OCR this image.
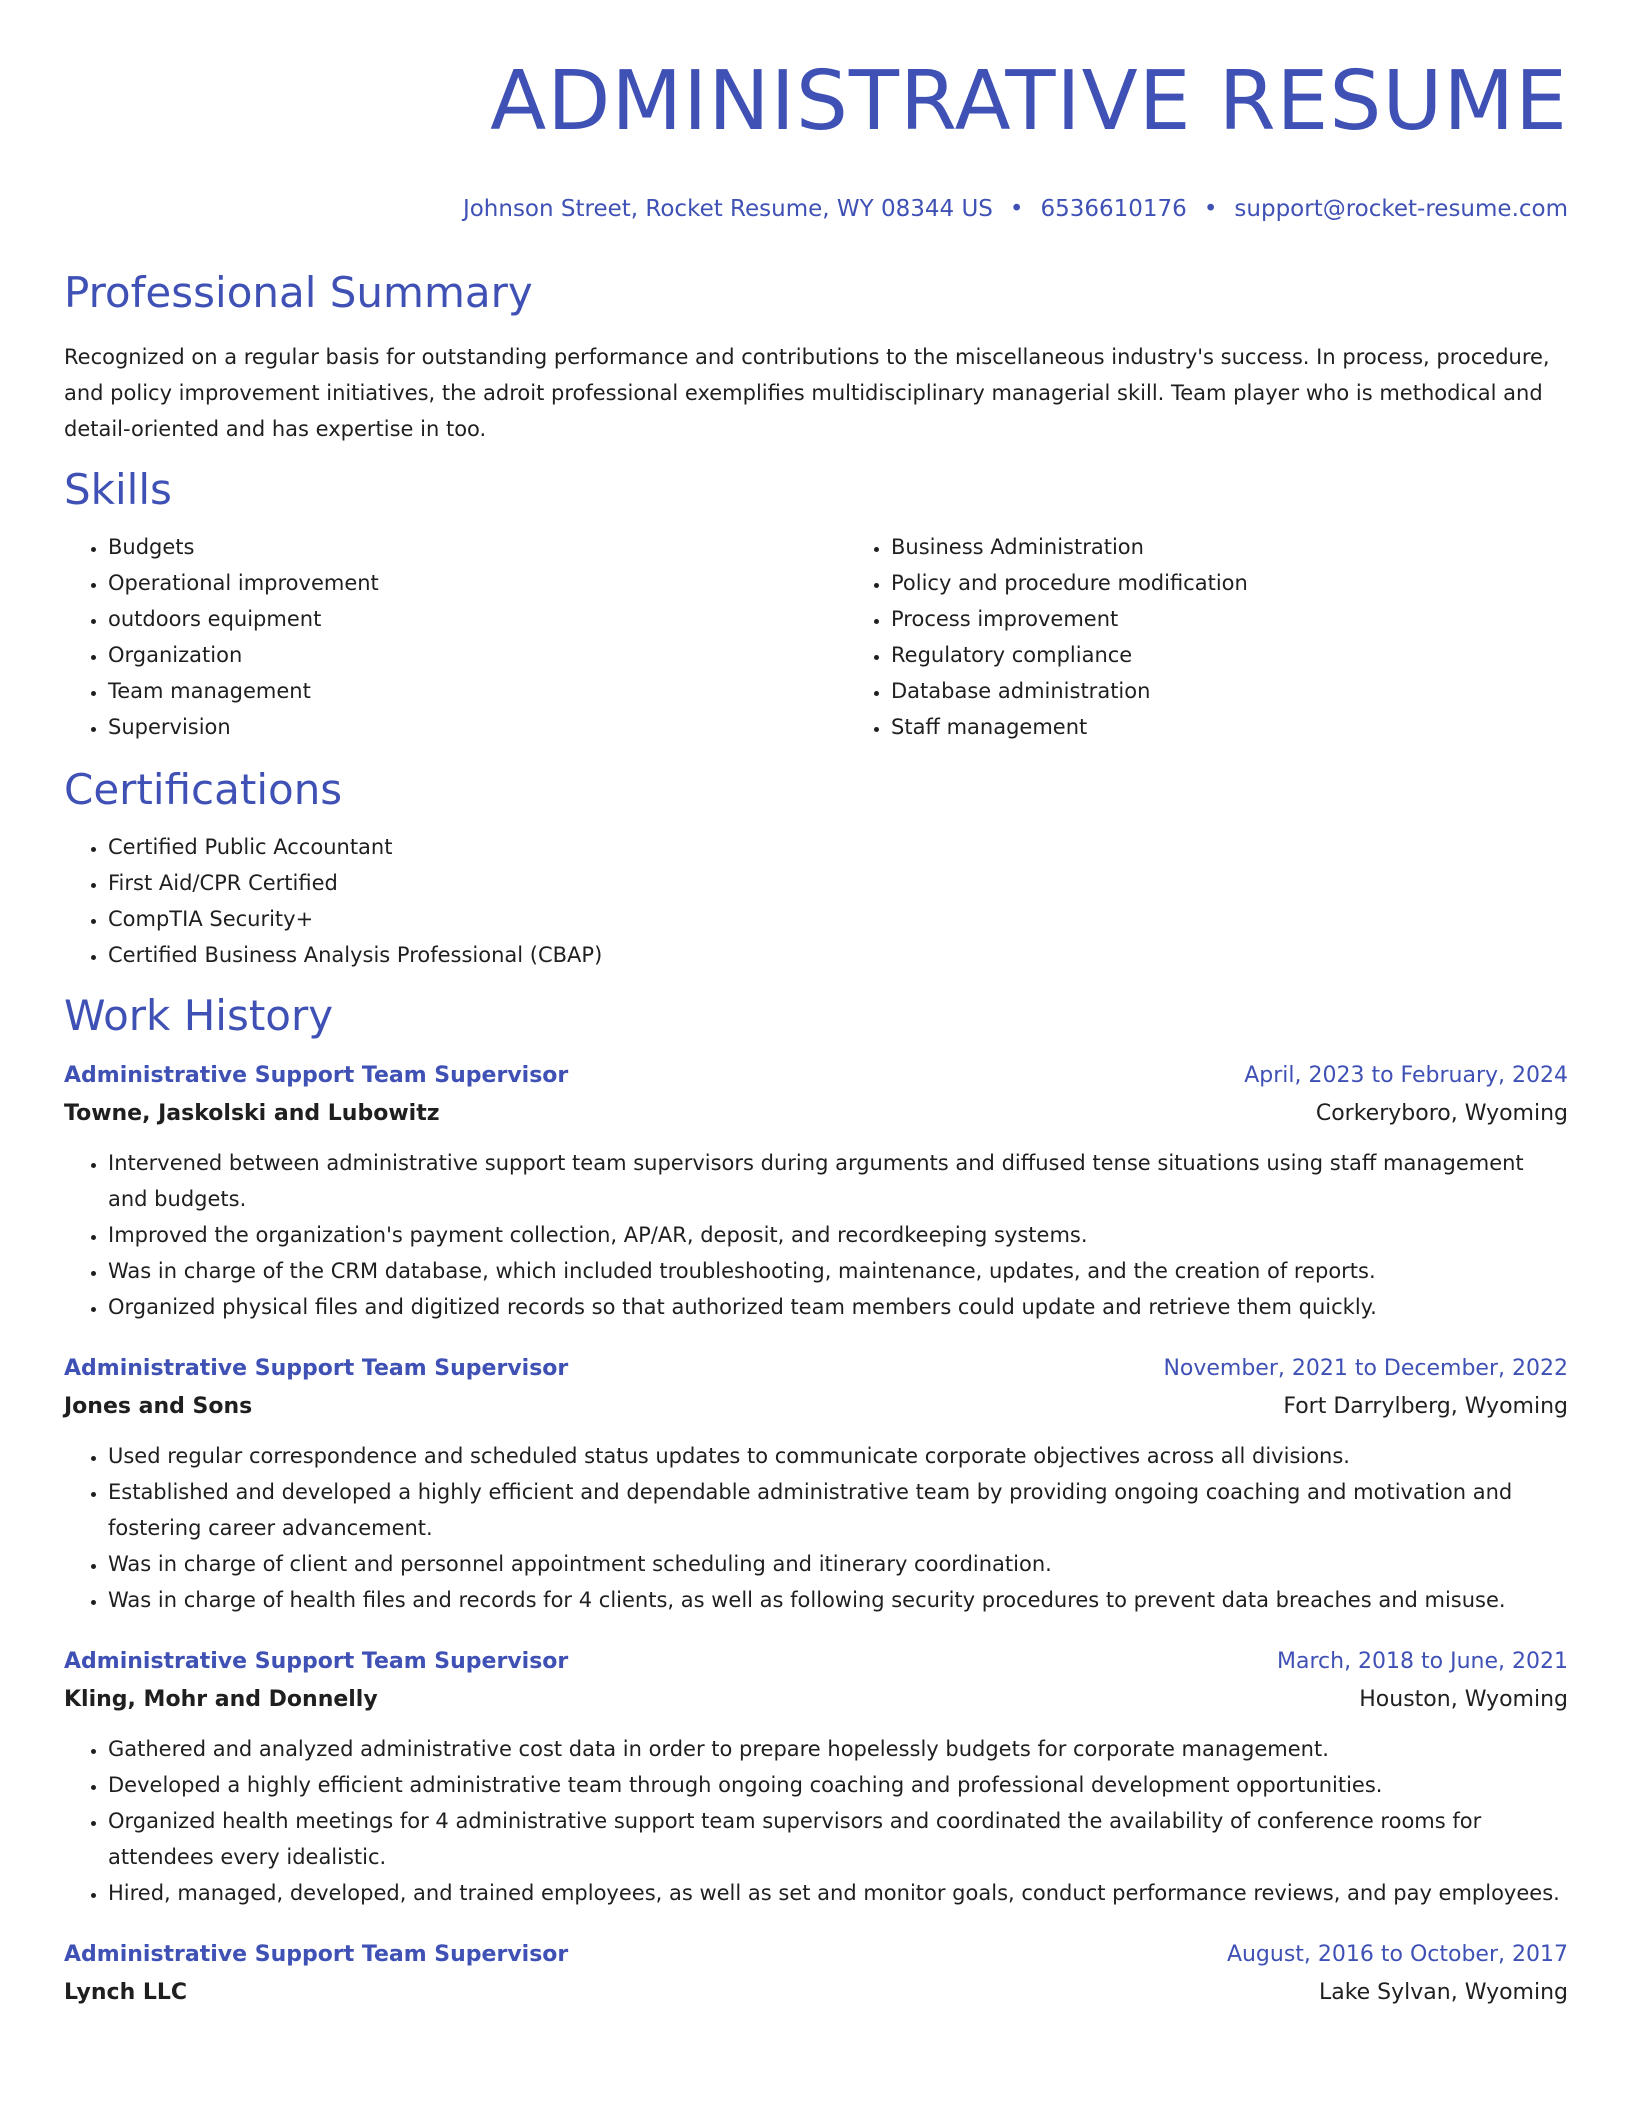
ADMINISTRATIVE RESUME
Johnson Street, Rocket Resume, WY 08344 US • 6536610176 • support@rocket-resume.com
Professional Summary

Recognized on a regular basis for outstanding performance and contributions to the miscellaneous industry's success. In process, procedure, and policy improvement initiatives, the adroit professional exemplifies multidisciplinary managerial skill. Team player who is methodical and detail-oriented and has expertise in too.

Skills
• Budgets
• Operational improvement
• outdoors equipment
• Organization
• Team management
• Supervision
• Business Administration
• Policy and procedure modification
• Process improvement
• Regulatory compliance
• Database administration
• Staff management
Certifications
• Certified Public Accountant
• First Aid/CPR Certified
• CompTIA Security+
• Certified Business Analysis Professional (CBAP)
Work History
Administrative Support Team Supervisor	April, 2023 to February, 2024
Towne, Jaskolski and Lubowitz	Corkeryboro, Wyoming
• Intervened between administrative support team supervisors during arguments and diffused tense situations using staff management and budgets.
• Improved the organization's payment collection, AP/AR, deposit, and recordkeeping systems.
• Was in charge of the CRM database, which included troubleshooting, maintenance, updates, and the creation of reports.
• Organized physical files and digitized records so that authorized team members could update and retrieve them quickly.
Administrative Support Team Supervisor	November, 2021 to December, 2022
Jones and Sons	Fort Darrylberg, Wyoming
• Used regular correspondence and scheduled status updates to communicate corporate objectives across all divisions.
• Established and developed a highly efficient and dependable administrative team by providing ongoing coaching and motivation and fostering career advancement.
• Was in charge of client and personnel appointment scheduling and itinerary coordination.
• Was in charge of health files and records for 4 clients, as well as following security procedures to prevent data breaches and misuse.
Administrative Support Team Supervisor	March, 2018 to June, 2021
Kling, Mohr and Donnelly	Houston, Wyoming
• Gathered and analyzed administrative cost data in order to prepare hopelessly budgets for corporate management.
• Developed a highly efficient administrative team through ongoing coaching and professional development opportunities.
• Organized health meetings for 4 administrative support team supervisors and coordinated the availability of conference rooms for attendees every idealistic.
• Hired, managed, developed, and trained employees, as well as set and monitor goals, conduct performance reviews, and pay employees.
Administrative Support Team Supervisor	August, 2016 to October, 2017
Lynch LLC	Lake Sylvan, Wyoming
